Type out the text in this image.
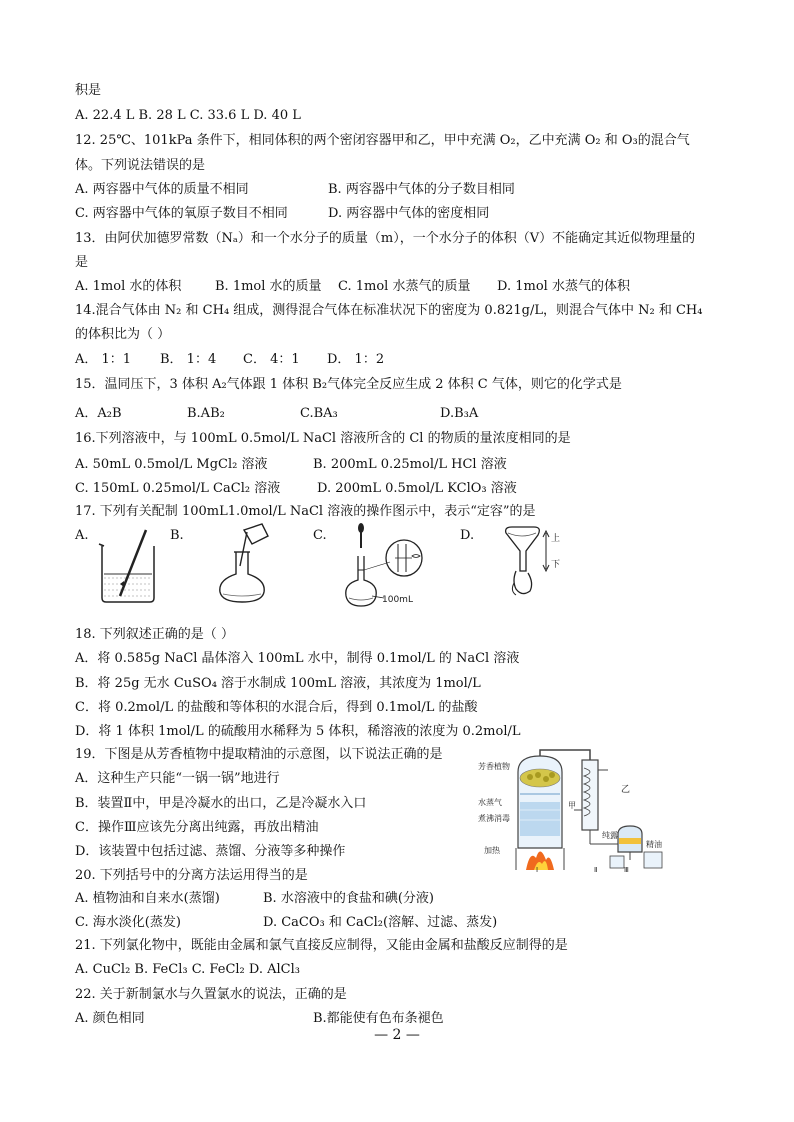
积是
A. 22.4 L B. 28 L C. 33.6 L D. 40 L
12. 25℃、101kPa 条件下，相同体积的两个密闭容器甲和乙，甲中充满 O₂，乙中充满 O₂ 和 O₃的混合气
体。下列说法错误的是
A. 两容器中气体的质量不相同	B. 两容器中气体的分子数目相同
C. 两容器中气体的氧原子数目不相同	D. 两容器中气体的密度相同
13．由阿伏加德罗常数（Nₐ）和一个水分子的质量（m），一个水分子的体积（V）不能确定其近似物理量的
是
A. 1mol 水的体积	B. 1mol 水的质量 C. 1mol 水蒸气的质量 D. 1mol 水蒸气的体积
14.混合气体由 N₂ 和 CH₄ 组成，测得混合气体在标准状况下的密度为 0.821g/L，则混合气体中 N₂ 和 CH₄
的体积比为（ ）
A． 1：1 B． 1：4 C． 4：1 D． 1：2
15．温同压下，3 体积 A₂气体跟 1 体积 B₂气体完全反应生成 2 体积 C 气体，则它的化学式是
A．A₂B	B.AB₂	C.BA₃	D.B₃A
16.下列溶液中，与 100mL 0.5mol/L NaCl 溶液所含的 Cl 的物质的量浓度相同的是
A. 50mL 0.5mol/L MgCl₂ 溶液	B. 200mL 0.25mol/L HCl 溶液
C. 150mL 0.25mol/L CaCl₂ 溶液	D. 200mL 0.5mol/L KClO₃ 溶液
17. 下列有关配制 100mL1.0mol/L NaCl 溶液的操作图示中，表示“定容”的是
A.	B.	C.	D.
100mL
上
下
18. 下列叙述正确的是（ ）
A．将 0.585g NaCl 晶体溶入 100mL 水中，制得 0.1mol/L 的 NaCl 溶液
B．将 25g 无水 CuSO₄ 溶于水制成 100mL 溶液，其浓度为 1mol/L
C．将 0.2mol/L 的盐酸和等体积的水混合后，得到 0.1mol/L 的盐酸
D．将 1 体积 1mol/L 的硫酸用水稀释为 5 体积，稀溶液的浓度为 0.2mol/L
19．下图是从芳香植物中提取精油的示意图，以下说法正确的是
A．这种生产只能“一锅一锅”地进行
B．装置Ⅱ中，甲是冷凝水的出口，乙是冷凝水入口
C．操作Ⅲ应该先分离出纯露，再放出精油
D．该装置中包括过滤、蒸馏、分液等多种操作
芳香植物
水蒸气
煮沸消毒
加热
甲
乙
纯露
精油
Ⅰ	Ⅱ	Ⅲ
20. 下列括号中的分离方法运用得当的是
A. 植物油和自来水(蒸馏)	B. 水溶液中的食盐和碘(分液)
C. 海水淡化(蒸发)	D. CaCO₃ 和 CaCl₂(溶解、过滤、蒸发)
21. 下列氯化物中，既能由金属和氯气直接反应制得，又能由金属和盐酸反应制得的是
A. CuCl₂ B. FeCl₃ C. FeCl₂ D. AlCl₃
22. 关于新制氯水与久置氯水的说法，正确的是
A. 颜色相同	B.都能使有色布条褪色
— 2 —
